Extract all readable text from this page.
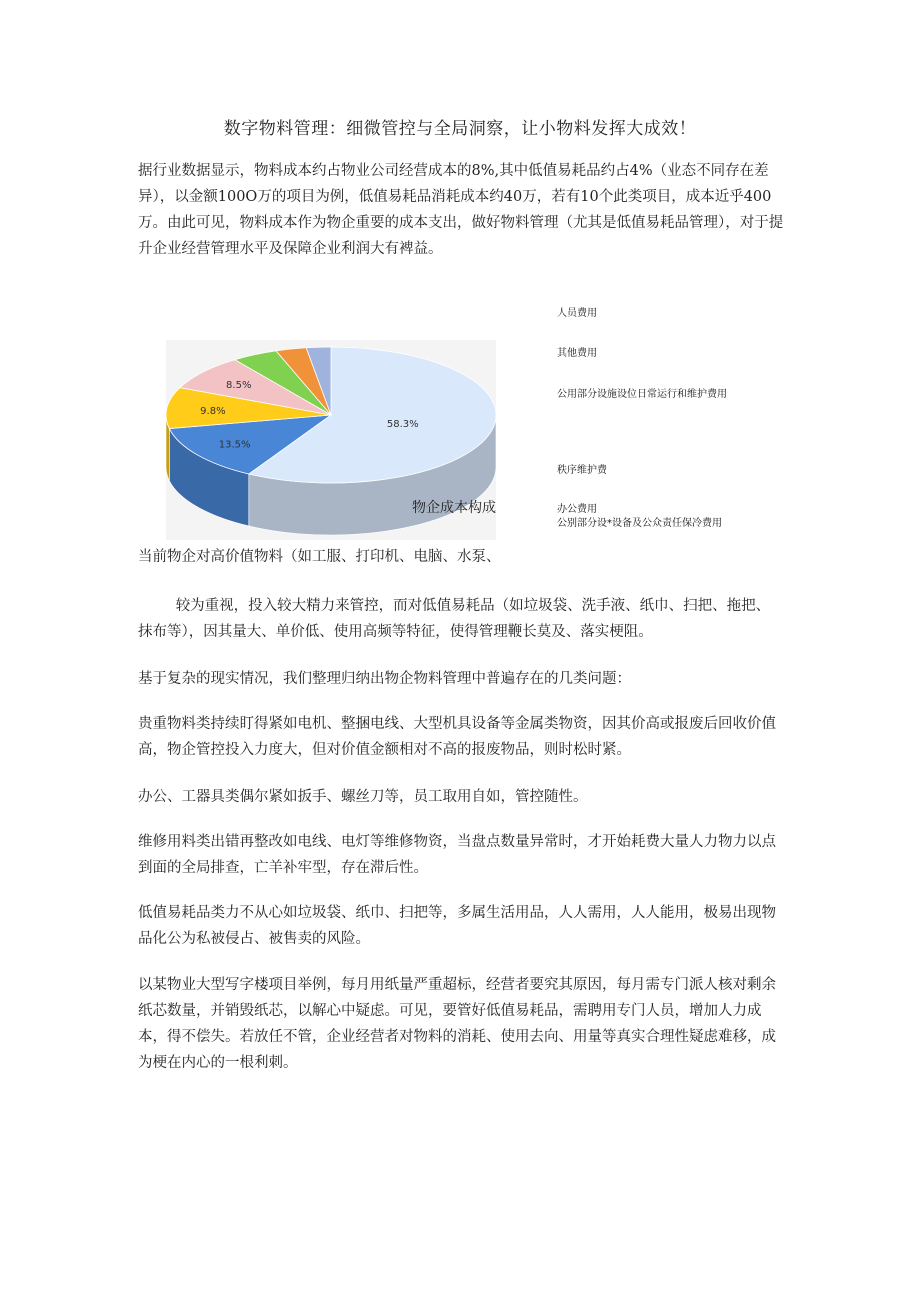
数字物料管理：细微管控与全局洞察，让小物料发挥大成效！

据行业数据显示，物料成本约占物业公司经营成本的8%,其中低值易耗品约占4%（业态不同存在差异），以金额100O万的项目为例，低值易耗品消耗成本约40万，若有10个此类项目，成本近乎400万。由此可见，物料成本作为物企重要的成本支出，做好物料管理（尤其是低值易耗品管理），对于提升企业经营管理水平及保障企业利润大有裨益。

58.3%
13.5%
9.8%
8.5%
人员费用
其他费用
公用部分设施设位日常运行和维护费用
秩序维护费
办公费用
公别部分设*设备及公众责任保冷费用
物企成本构成

当前物企对高价值物料（如工服、打印机、电脑、水泵、

较为重视，投入较大精力来管控，而对低值易耗品（如垃圾袋、洗手液、纸巾、扫把、拖把、抹布等），因其量大、单价低、使用高频等特征，使得管理鞭长莫及、落实梗阻。

基于复杂的现实情况，我们整理归纳出物企物料管理中普遍存在的几类问题：

贵重物料类持续盯得紧如电机、整捆电线、大型机具设备等金属类物资，因其价高或报废后回收价值高，物企管控投入力度大，但对价值金额相对不高的报废物品，则时松时紧。

办公、工器具类偶尔紧如扳手、螺丝刀等，员工取用自如，管控随性。

维修用料类出错再整改如电线、电灯等维修物资，当盘点数量异常时，才开始耗费大量人力物力以点到面的全局排查，亡羊补牢型，存在滞后性。

低值易耗品类力不从心如垃圾袋、纸巾、扫把等，多属生活用品，人人需用，人人能用，极易出现物品化公为私被侵占、被售卖的风险。

以某物业大型写字楼项目举例，每月用纸量严重超标，经营者要究其原因，每月需专门派人核对剩余纸芯数量，并销毁纸芯，以解心中疑虑。可见，要管好低值易耗品，需聘用专门人员，增加人力成本，得不偿失。若放任不管，企业经营者对物料的消耗、使用去向、用量等真实合理性疑虑难移，成为梗在内心的一根利刺。
